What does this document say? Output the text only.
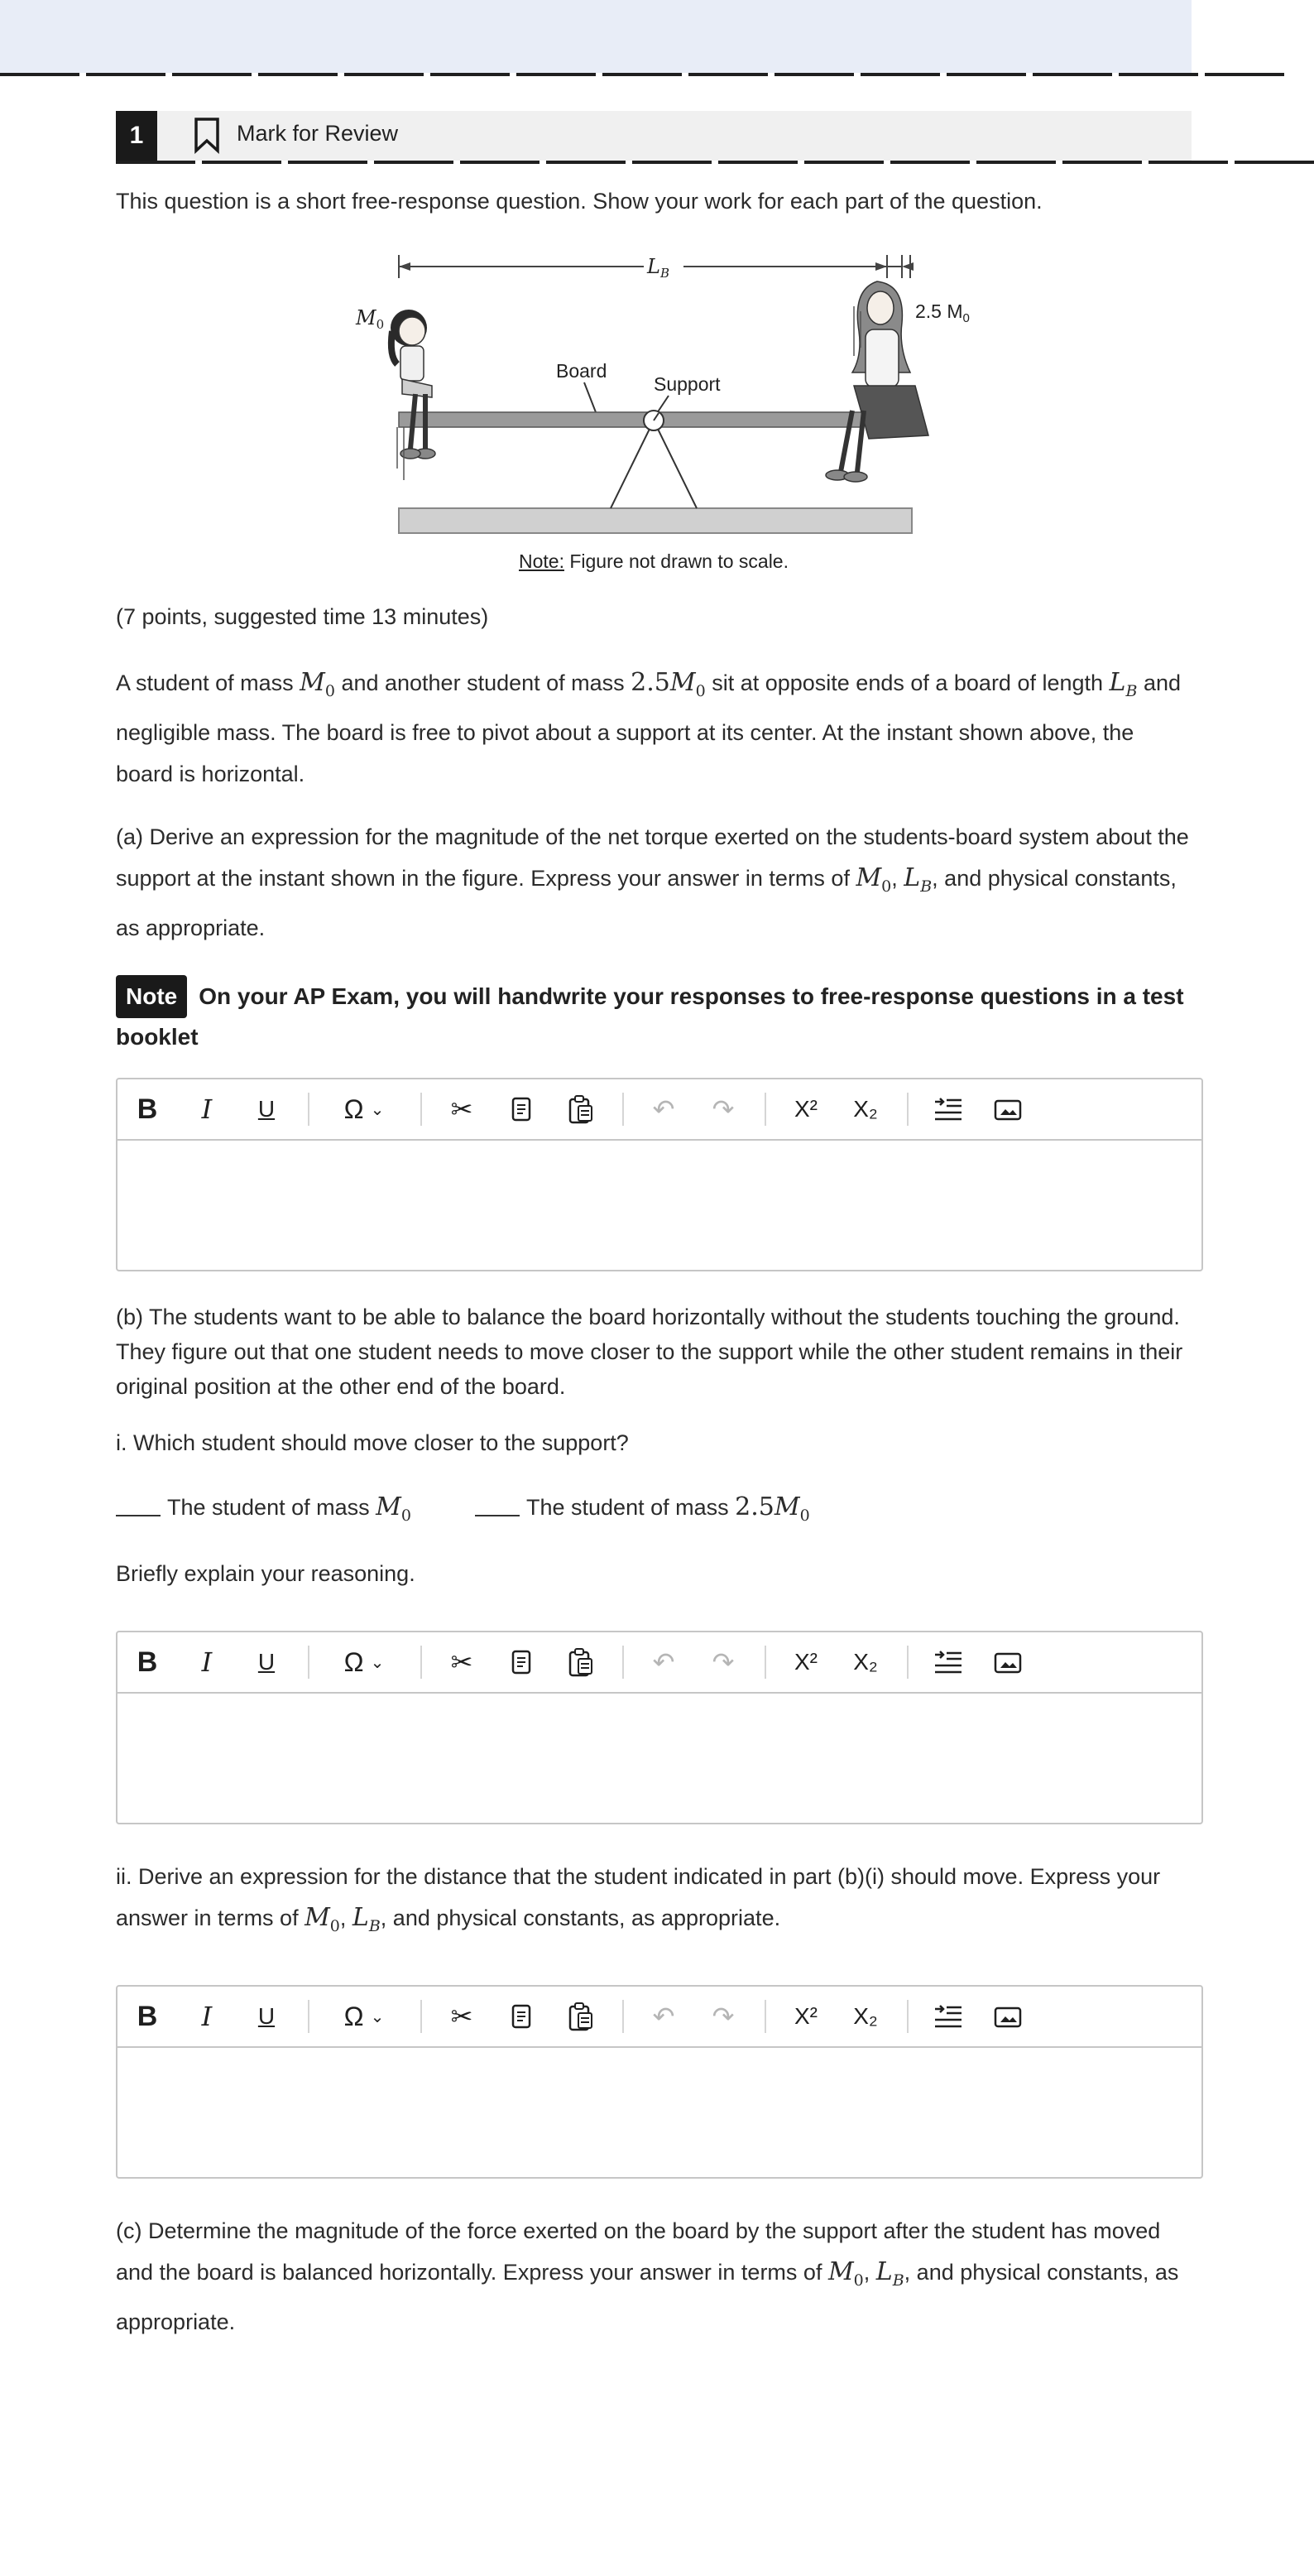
1	Mark for Review
This question is a short free-response question. Show your work for each part of the question.
$L_B$
$M_0$
2.5 $M_0$
Board
Support
Note: Figure not drawn to scale.
(7 points, suggested time 13 minutes)
A student of mass $M_0$ and another student of mass $2.5M_0$ sit at opposite ends of a board of length $L_B$ and negligible mass. The board is free to pivot about a support at its center. At the instant shown above, the board is horizontal.
(a) Derive an expression for the magnitude of the net torque exerted on the students-board system about the support at the instant shown in the figure. Express your answer in terms of $M_0$, $L_B$, and physical constants, as appropriate.
Note On your AP Exam, you will handwrite your responses to free-response questions in a test booklet
B	I	U	Ω ⌄	✂	↶ ↷	X² X₂
(b) The students want to be able to balance the board horizontally without the students touching the ground. They figure out that one student needs to move closer to the support while the other student remains in their original position at the other end of the board.
i. Which student should move closer to the support?
The student of mass $M_0$	The student of mass $2.5M_0$
Briefly explain your reasoning.
B	I	U	Ω ⌄	✂	↶ ↷	X² X₂
ii. Derive an expression for the distance that the student indicated in part (b)(i) should move. Express your answer in terms of $M_0$, $L_B$, and physical constants, as appropriate.
B	I	U	Ω ⌄	✂	↶ ↷	X² X₂
(c) Determine the magnitude of the force exerted on the board by the support after the student has moved and the board is balanced horizontally. Express your answer in terms of $M_0$, $L_B$, and physical constants, as appropriate.
